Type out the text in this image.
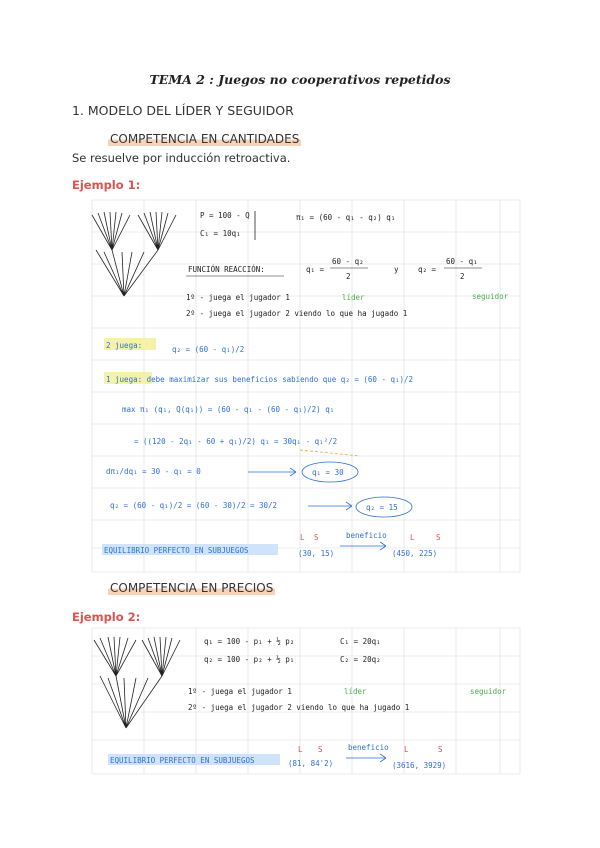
TEMA 2 : Juegos no cooperativos repetidos
1. MODELO DEL LÍDER Y SEGUIDOR
COMPETENCIA EN CANTIDADES
Se resuelve por inducción retroactiva.
Ejemplo 1:
P = 100 - Q
C₁ = 10q₁
π₁ = (60 - q₁ - q₂) q₁
FUNCIÓN REACCIÓN:	q₁ =
60 - q₂
2
y	q₂ =
60 - q₁
2
1º - juega el jugador 1	líder
2º - juega el jugador 2 viendo lo que ha jugado 1
seguidor
2 juega:	q₂ = (60 - q₁)/2
1 juega: debe maximizar sus beneficios sabiendo que q₂ = (60 - q₁)/2
max π₁ (q₁, Q(q₁)) = (60 - q₁ - (60 - q₁)/2) q₁
= ((120 - 2q₁ - 60 + q₁)/2) q₁ = 30q₁ - q₁²/2
dπ₁/dq₁ = 30 - q₁ = 0	q₁ = 30
q₂ = (60 - q₁)/2 = (60 - 30)/2 = 30/2	q₂ = 15
EQUILIBRIO PERFECTO EN SUBJUEGOS
L S
(30, 15)
beneficio	L	S
(450, 225)
COMPETENCIA EN PRECIOS
Ejemplo 2:
q₁ = 100 - p₁ + ½ p₂	C₁ = 20q₁
q₂ = 100 - p₂ + ½ p₁	C₂ = 20q₂
1º - juega el jugador 1	líder
2º - juega el jugador 2 viendo lo que ha jugado 1
seguidor
EQUILIBRIO PERFECTO EN SUBJUEGOS
L S
(81, 84'2)
beneficio L	S
(3616, 3929)
